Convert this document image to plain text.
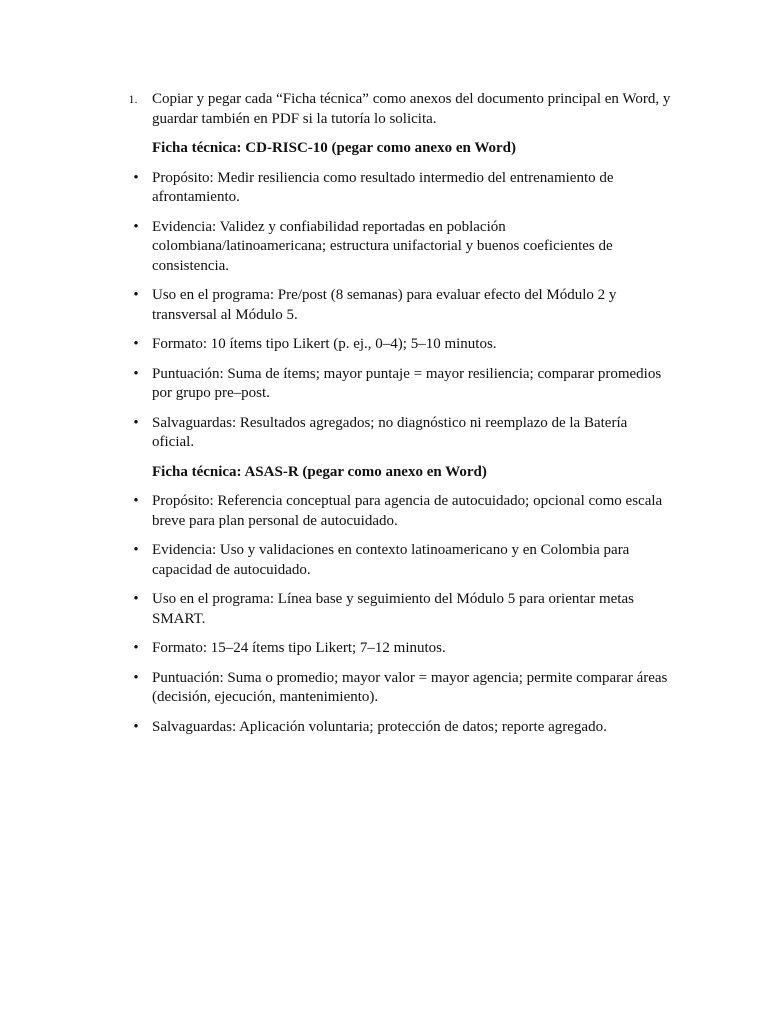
1. Copiar y pegar cada “Ficha técnica” como anexos del documento principal en Word, y guardar también en PDF si la tutoría lo solicita.
Ficha técnica: CD-RISC-10 (pegar como anexo en Word)
• Propósito: Medir resiliencia como resultado intermedio del entrenamiento de afrontamiento.
• Evidencia: Validez y confiabilidad reportadas en población colombiana/latinoamericana; estructura unifactorial y buenos coeficientes de consistencia.
• Uso en el programa: Pre/post (8 semanas) para evaluar efecto del Módulo 2 y transversal al Módulo 5.
• Formato: 10 ítems tipo Likert (p. ej., 0–4); 5–10 minutos.
• Puntuación: Suma de ítems; mayor puntaje = mayor resiliencia; comparar promedios por grupo pre–post.
• Salvaguardas: Resultados agregados; no diagnóstico ni reemplazo de la Batería oficial.
Ficha técnica: ASAS-R (pegar como anexo en Word)
• Propósito: Referencia conceptual para agencia de autocuidado; opcional como escala breve para plan personal de autocuidado.
• Evidencia: Uso y validaciones en contexto latinoamericano y en Colombia para capacidad de autocuidado.
• Uso en el programa: Línea base y seguimiento del Módulo 5 para orientar metas SMART.
• Formato: 15–24 ítems tipo Likert; 7–12 minutos.
• Puntuación: Suma o promedio; mayor valor = mayor agencia; permite comparar áreas (decisión, ejecución, mantenimiento).
• Salvaguardas: Aplicación voluntaria; protección de datos; reporte agregado.
